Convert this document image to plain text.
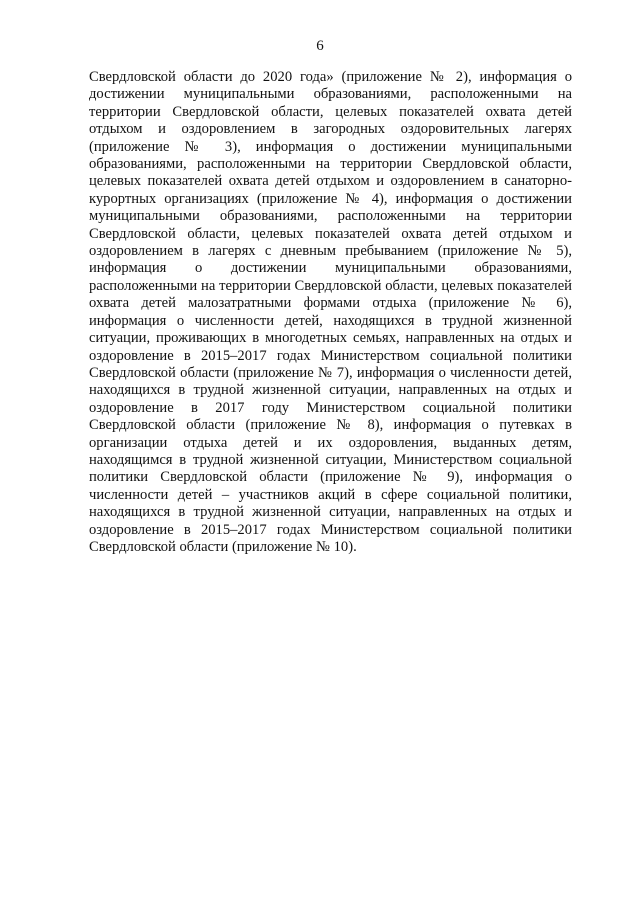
6

Свердловской области до 2020 года» (приложение № 2), информация о достижении муниципальными образованиями, расположенными на территории Свердловской области, целевых показателей охвата детей отдыхом и оздоровлением в загородных оздоровительных лагерях (приложение № 3), информация о достижении муниципальными образованиями, расположенными на территории Свердловской области, целевых показателей охвата детей отдыхом и оздоровлением в санаторно-курортных организациях (приложение № 4), информация о достижении муниципальными образованиями, расположенными на территории Свердловской области, целевых показателей охвата детей отдыхом и оздоровлением в лагерях с дневным пребыванием (приложение № 5), информация о достижении муниципальными образованиями, расположенными на территории Свердловской области, целевых показателей охвата детей малозатратными формами отдыха (приложение № 6), информация о численности детей, находящихся в трудной жизненной ситуации, проживающих в многодетных семьях, направленных на отдых и оздоровление в 2015–2017 годах Министерством социальной политики Свердловской области (приложение № 7), информация о численности детей, находящихся в трудной жизненной ситуации, направленных на отдых и оздоровление в 2017 году Министерством социальной политики Свердловской области (приложение № 8), информация о путевках в организации отдыха детей и их оздоровления, выданных детям, находящимся в трудной жизненной ситуации, Министерством социальной политики Свердловской области (приложение № 9), информация о численности детей – участников акций в сфере социальной политики, находящихся в трудной жизненной ситуации, направленных на отдых и оздоровление в 2015–2017 годах Министерством социальной политики Свердловской области (приложение № 10).
